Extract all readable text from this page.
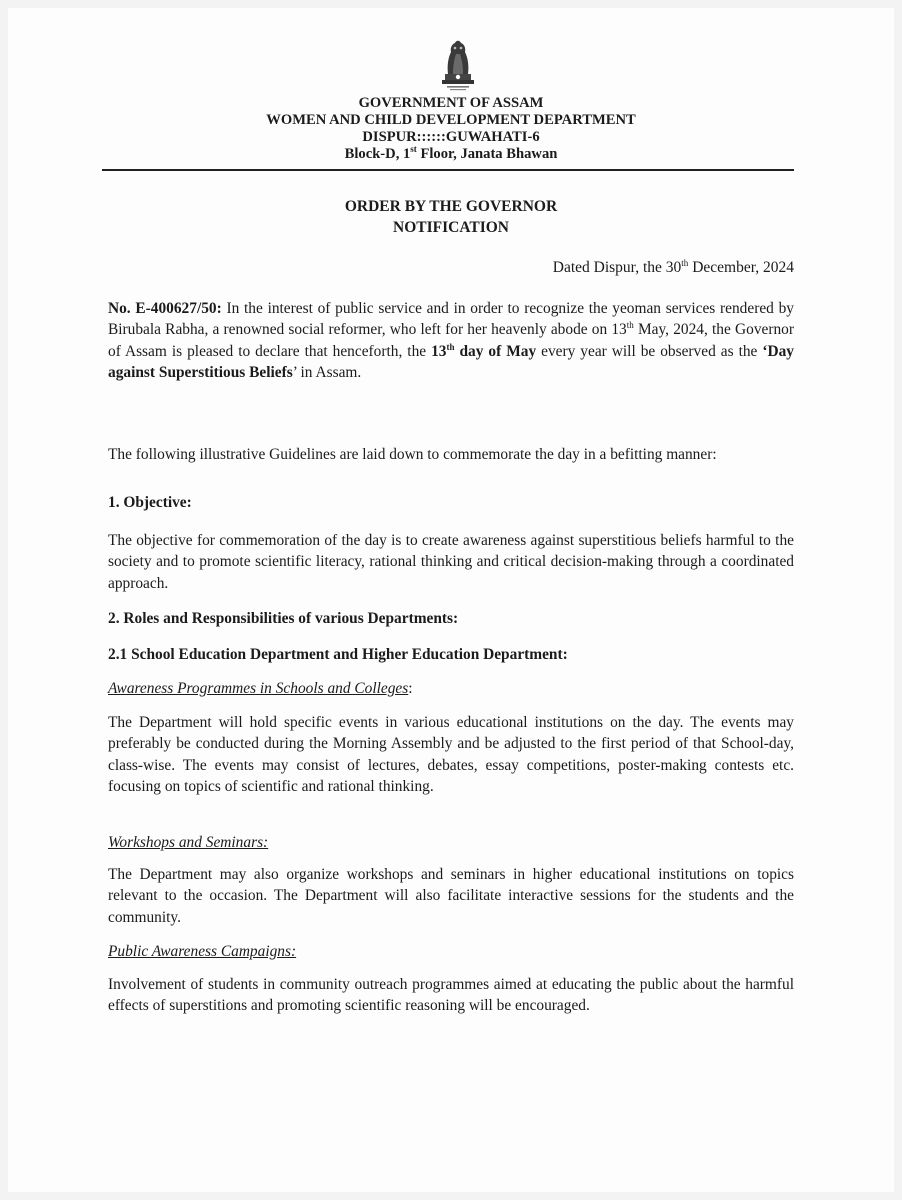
GOVERNMENT OF ASSAM
WOMEN AND CHILD DEVELOPMENT DEPARTMENT
DISPUR::::::GUWAHATI-6
Block-D, 1st Floor, Janata Bhawan
ORDER BY THE GOVERNOR
NOTIFICATION
Dated Dispur, the 30th December, 2024

No. E-400627/50: In the interest of public service and in order to recognize the yeoman services rendered by Birubala Rabha, a renowned social reformer, who left for her heavenly abode on 13th May, 2024, the Governor of Assam is pleased to declare that henceforth, the 13th day of May every year will be observed as the ‘Day against Superstitious Beliefs’ in Assam.

The following illustrative Guidelines are laid down to commemorate the day in a befitting manner:

1. Objective:

The objective for commemoration of the day is to create awareness against superstitious beliefs harmful to the society and to promote scientific literacy, rational thinking and critical decision-making through a coordinated approach.

2. Roles and Responsibilities of various Departments:

2.1 School Education Department and Higher Education Department:

Awareness Programmes in Schools and Colleges:

The Department will hold specific events in various educational institutions on the day. The events may preferably be conducted during the Morning Assembly and be adjusted to the first period of that School-day, class-wise. The events may consist of lectures, debates, essay competitions, poster-making contests etc. focusing on topics of scientific and rational thinking.

Workshops and Seminars:

The Department may also organize workshops and seminars in higher educational institutions on topics relevant to the occasion. The Department will also facilitate interactive sessions for the students and the community.

Public Awareness Campaigns:

Involvement of students in community outreach programmes aimed at educating the public about the harmful effects of superstitions and promoting scientific reasoning will be encouraged.
